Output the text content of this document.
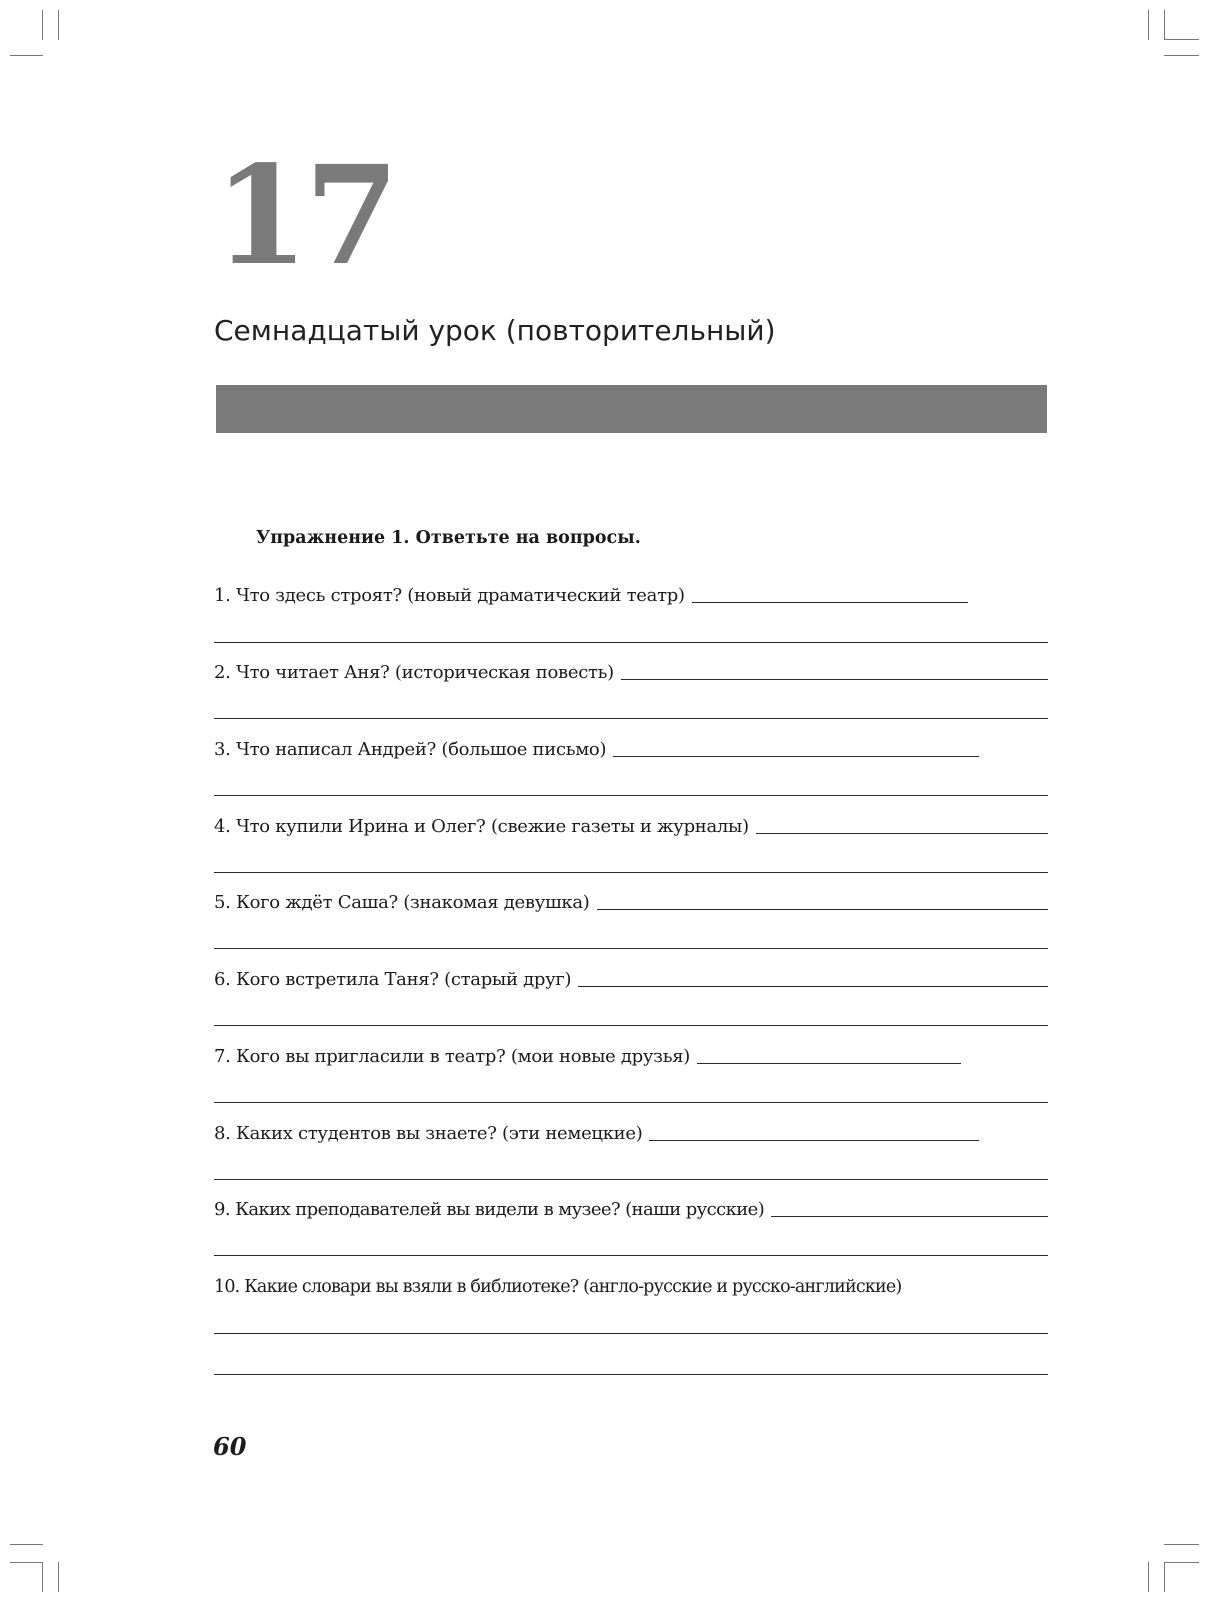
17
Семнадцатый урок (повторительный)

Упражнение 1. Ответьте на вопросы.

1. Что здесь строят? (новый драматический театр)
2. Что читает Аня? (историческая повесть)
3. Что написал Андрей? (большое письмо)
4. Что купили Ирина и Олег? (свежие газеты и журналы)
5. Кого ждёт Саша? (знакомая девушка)
6. Кого встретила Таня? (старый друг)
7. Кого вы пригласили в театр? (мои новые друзья)
8. Каких студентов вы знаете? (эти немецкие)
9. Каких преподавателей вы видели в музее? (наши русские)
10. Какие словари вы взяли в библиотеке? (англо-русские и русско-английские)

60
